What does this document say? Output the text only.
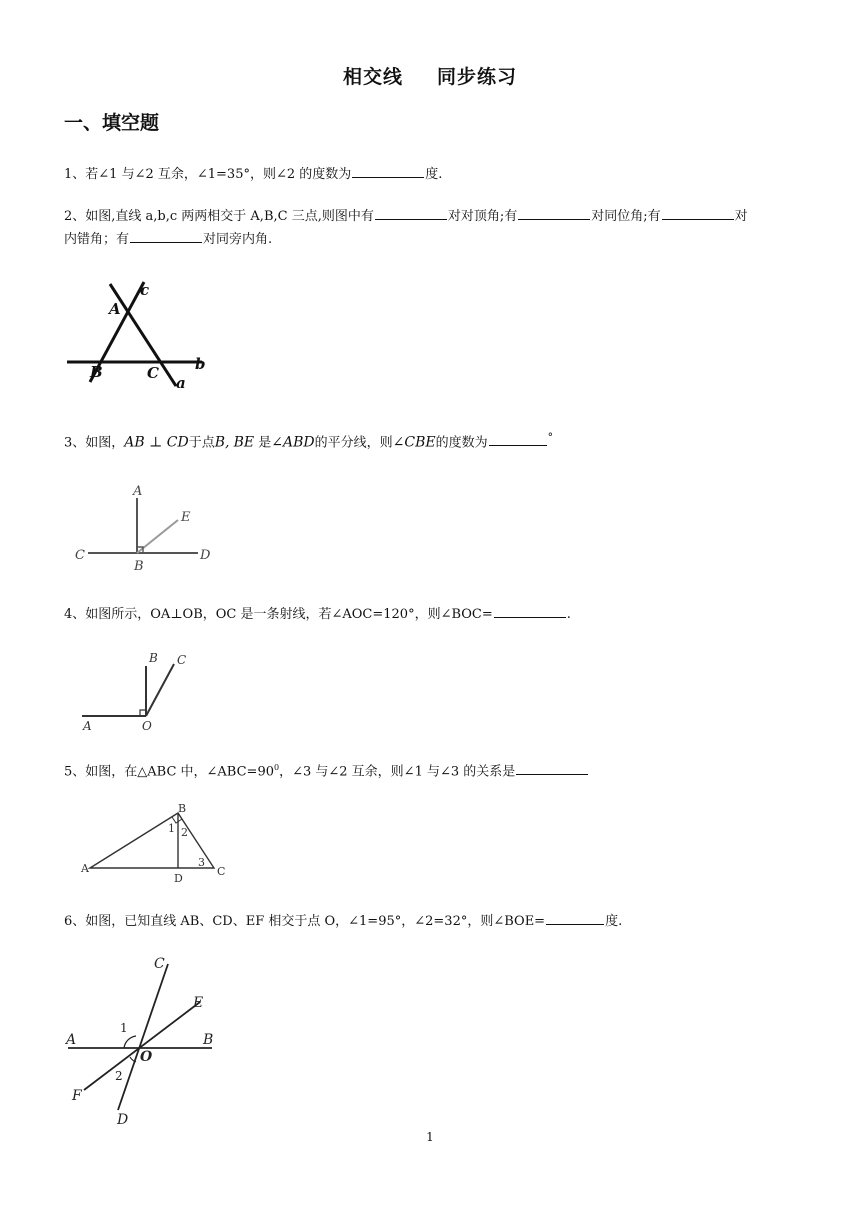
相交线 同步练习
一、填空题
1、若∠1 与∠2 互余，∠1=35°，则∠2 的度数为	度.
2、如图,直线 a,b,c 两两相交于 A,B,C 三点,则图中有	对对顶角;有	对同位角;有	对
内错角；有	对同旁内角.
A
B	C
a
b
c
3、如图，AB ⊥ CD于点B, BE 是∠ABD的平分线，则∠CBE的度数为	°
A
E
C
B
D
4、如图所示，OA⊥OB，OC 是一条射线，若∠AOC=120°，则∠BOC=	.
B C
A	O
5、如图，在△ABC 中，$\angle ABC=90^0$，∠3 与∠2 互余，则∠1 与∠3 的关系是
B
1 2
3
A
D
C
6、如图，已知直线 AB、CD、EF 相交于点 O，∠1=95°，∠2=32°，则∠BOE=	度.
C
E
1
A
O
B
2
F
D
1
